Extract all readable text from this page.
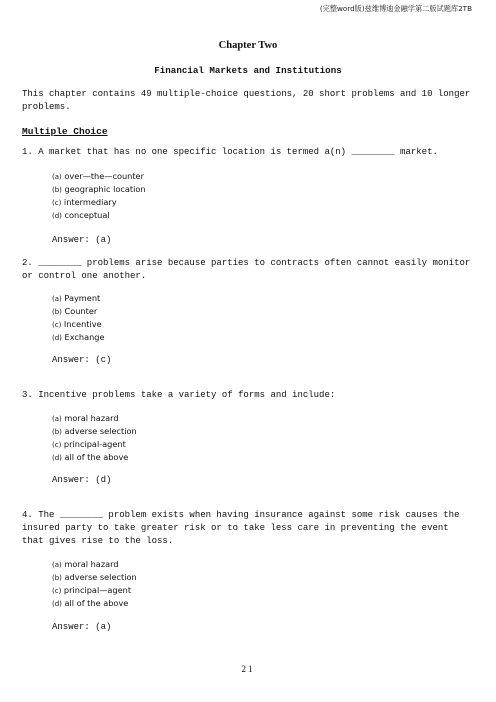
(完整word版)兹维博迪金融学第二版试题库2TB
Chapter Two
Financial Markets and Institutions
This chapter contains 49 multiple-choice questions, 20 short problems and 10 longer problems.
Multiple Choice
1. A market that has no one specific location is termed a(n) ________ market.
(a) over—the—counter
(b) geographic location
(c) intermediary
(d) conceptual
Answer: (a)
2. ________ problems arise because parties to contracts often cannot easily monitor or control one another.
(a) Payment
(b) Counter
(c) Incentive
(d) Exchange
Answer: (c)
3. Incentive problems take a variety of forms and include:
(a) moral hazard
(b) adverse selection
(c) principal-agent
(d) all of the above
Answer: (d)
4. The ________ problem exists when having insurance against some risk causes the insured party to take greater risk or to take less care in preventing the event that gives rise to the loss.
(a) moral hazard
(b) adverse selection
(c) principal—agent
(d) all of the above
Answer: (a)
21
